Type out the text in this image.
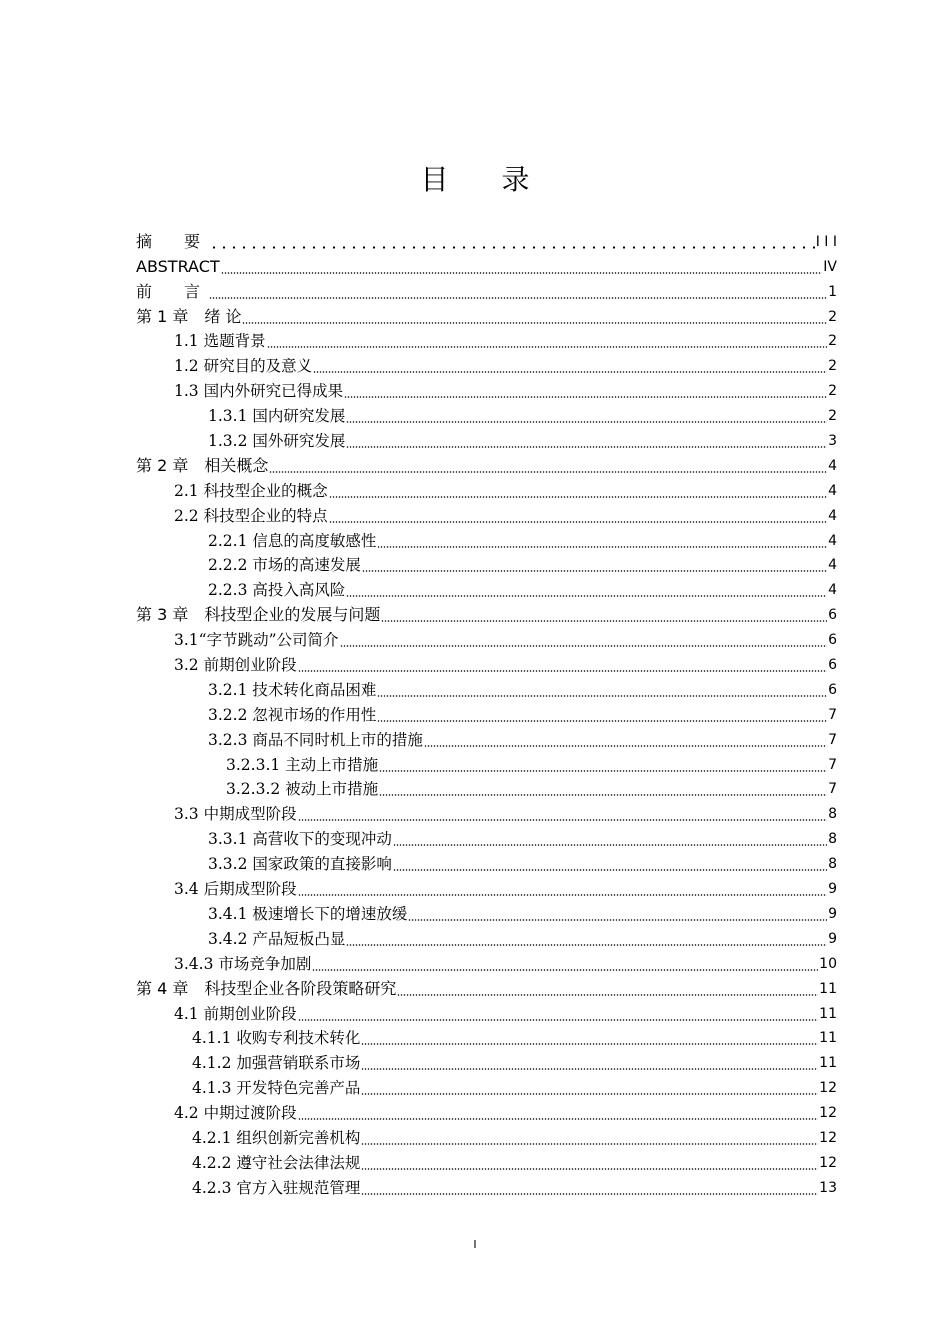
目 录
摘　要	I I I
ABSTRACT	IV
前　言	1
第 1 章　绪 论	2
1.1 选题背景	2
1.2 研究目的及意义	2
1.3 国内外研究已得成果	2
1.3.1 国内研究发展	2
1.3.2 国外研究发展	3
第 2 章　相关概念	4
2.1 科技型企业的概念	4
2.2 科技型企业的特点	4
2.2.1 信息的高度敏感性	4
2.2.2 市场的高速发展	4
2.2.3 高投入高风险	4
第 3 章　科技型企业的发展与问题	6
3.1“字节跳动”公司简介	6
3.2 前期创业阶段	6
3.2.1 技术转化商品困难	6
3.2.2 忽视市场的作用性	7
3.2.3 商品不同时机上市的措施	7
3.2.3.1 主动上市措施	7
3.2.3.2 被动上市措施	7
3.3 中期成型阶段	8
3.3.1 高营收下的变现冲动	8
3.3.2 国家政策的直接影响	8
3.4 后期成型阶段	9
3.4.1 极速增长下的增速放缓	9
3.4.2 产品短板凸显	9
3.4.3 市场竞争加剧	10
第 4 章　科技型企业各阶段策略研究	11
4.1 前期创业阶段	11
4.1.1 收购专利技术转化	11
4.1.2 加强营销联系市场	11
4.1.3 开发特色完善产品	12
4.2 中期过渡阶段	12
4.2.1 组织创新完善机构	12
4.2.2 遵守社会法律法规	12
4.2.3 官方入驻规范管理	13
I
